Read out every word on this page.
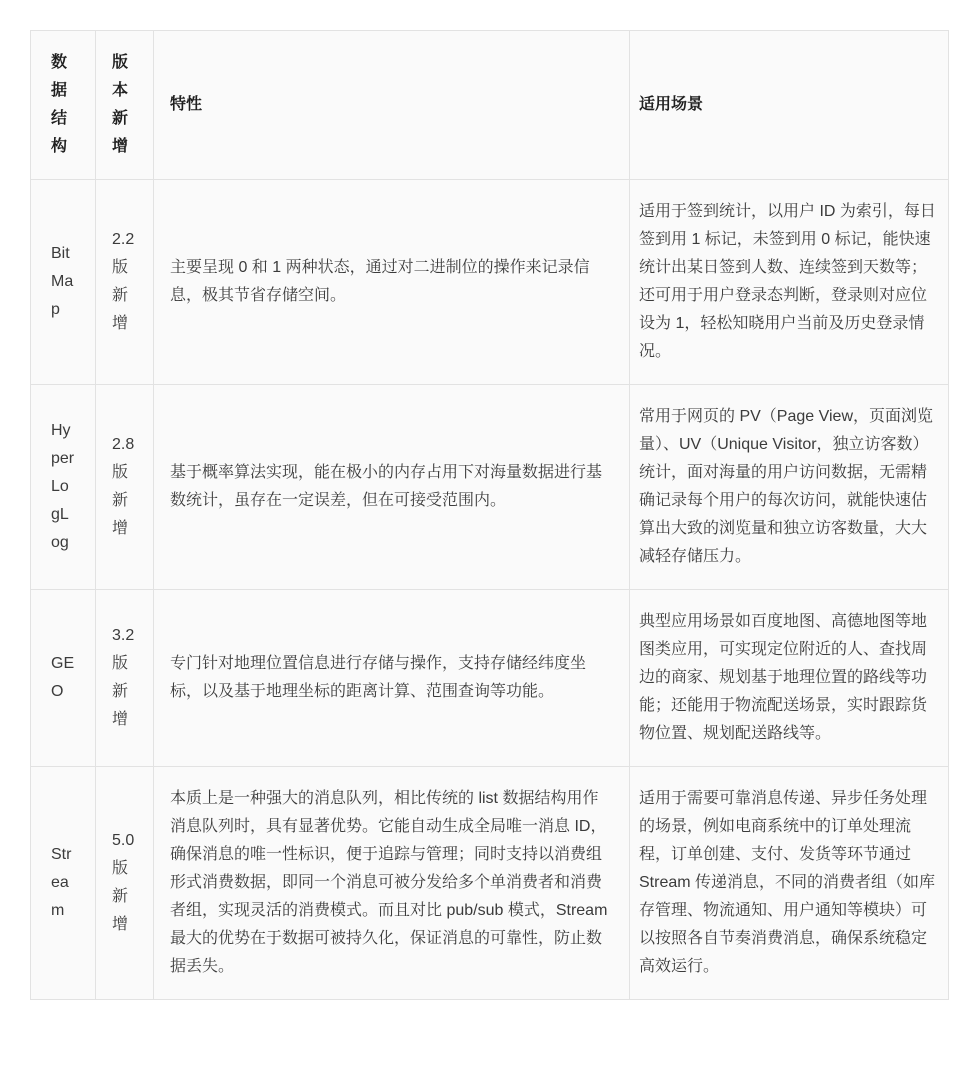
数据结构	版本新增	特性	适用场景
BitMap	2.2版新增	主要呈现 0 和 1 两种状态，通过对二进制位的操作来记录信息，极其节省存储空间。	适用于签到统计，以用户 ID 为索引，每日签到用 1 标记，未签到用 0 标记，能快速统计出某日签到人数、连续签到天数等；还可用于用户登录态判断，登录则对应位设为 1，轻松知晓用户当前及历史登录情况。
HyperLogLog	2.8版新增	基于概率算法实现，能在极小的内存占用下对海量数据进行基数统计，虽存在一定误差，但在可接受范围内。	常用于网页的 PV（Page View，页面浏览量）、UV（Unique Visitor，独立访客数）统计，面对海量的用户访问数据，无需精确记录每个用户的每次访问，就能快速估算出大致的浏览量和独立访客数量，大大减轻存储压力。
GEO	3.2版新增	专门针对地理位置信息进行存储与操作，支持存储经纬度坐标，以及基于地理坐标的距离计算、范围查询等功能。	典型应用场景如百度地图、高德地图等地图类应用，可实现定位附近的人、查找周边的商家、规划基于地理位置的路线等功能；还能用于物流配送场景，实时跟踪货物位置、规划配送路线等。
Stream	5.0版新增	本质上是一种强大的消息队列，相比传统的 list 数据结构用作消息队列时，具有显著优势。它能自动生成全局唯一消息 ID，确保消息的唯一性标识，便于追踪与管理；同时支持以消费组形式消费数据，即同一个消息可被分发给多个单消费者和消费者组，实现灵活的消费模式。而且对比 pub/sub 模式，Stream 最大的优势在于数据可被持久化，保证消息的可靠性，防止数据丢失。	适用于需要可靠消息传递、异步任务处理的场景，例如电商系统中的订单处理流程，订单创建、支付、发货等环节通过 Stream 传递消息，不同的消费者组（如库存管理、物流通知、用户通知等模块）可以按照各自节奏消费消息，确保系统稳定高效运行。
